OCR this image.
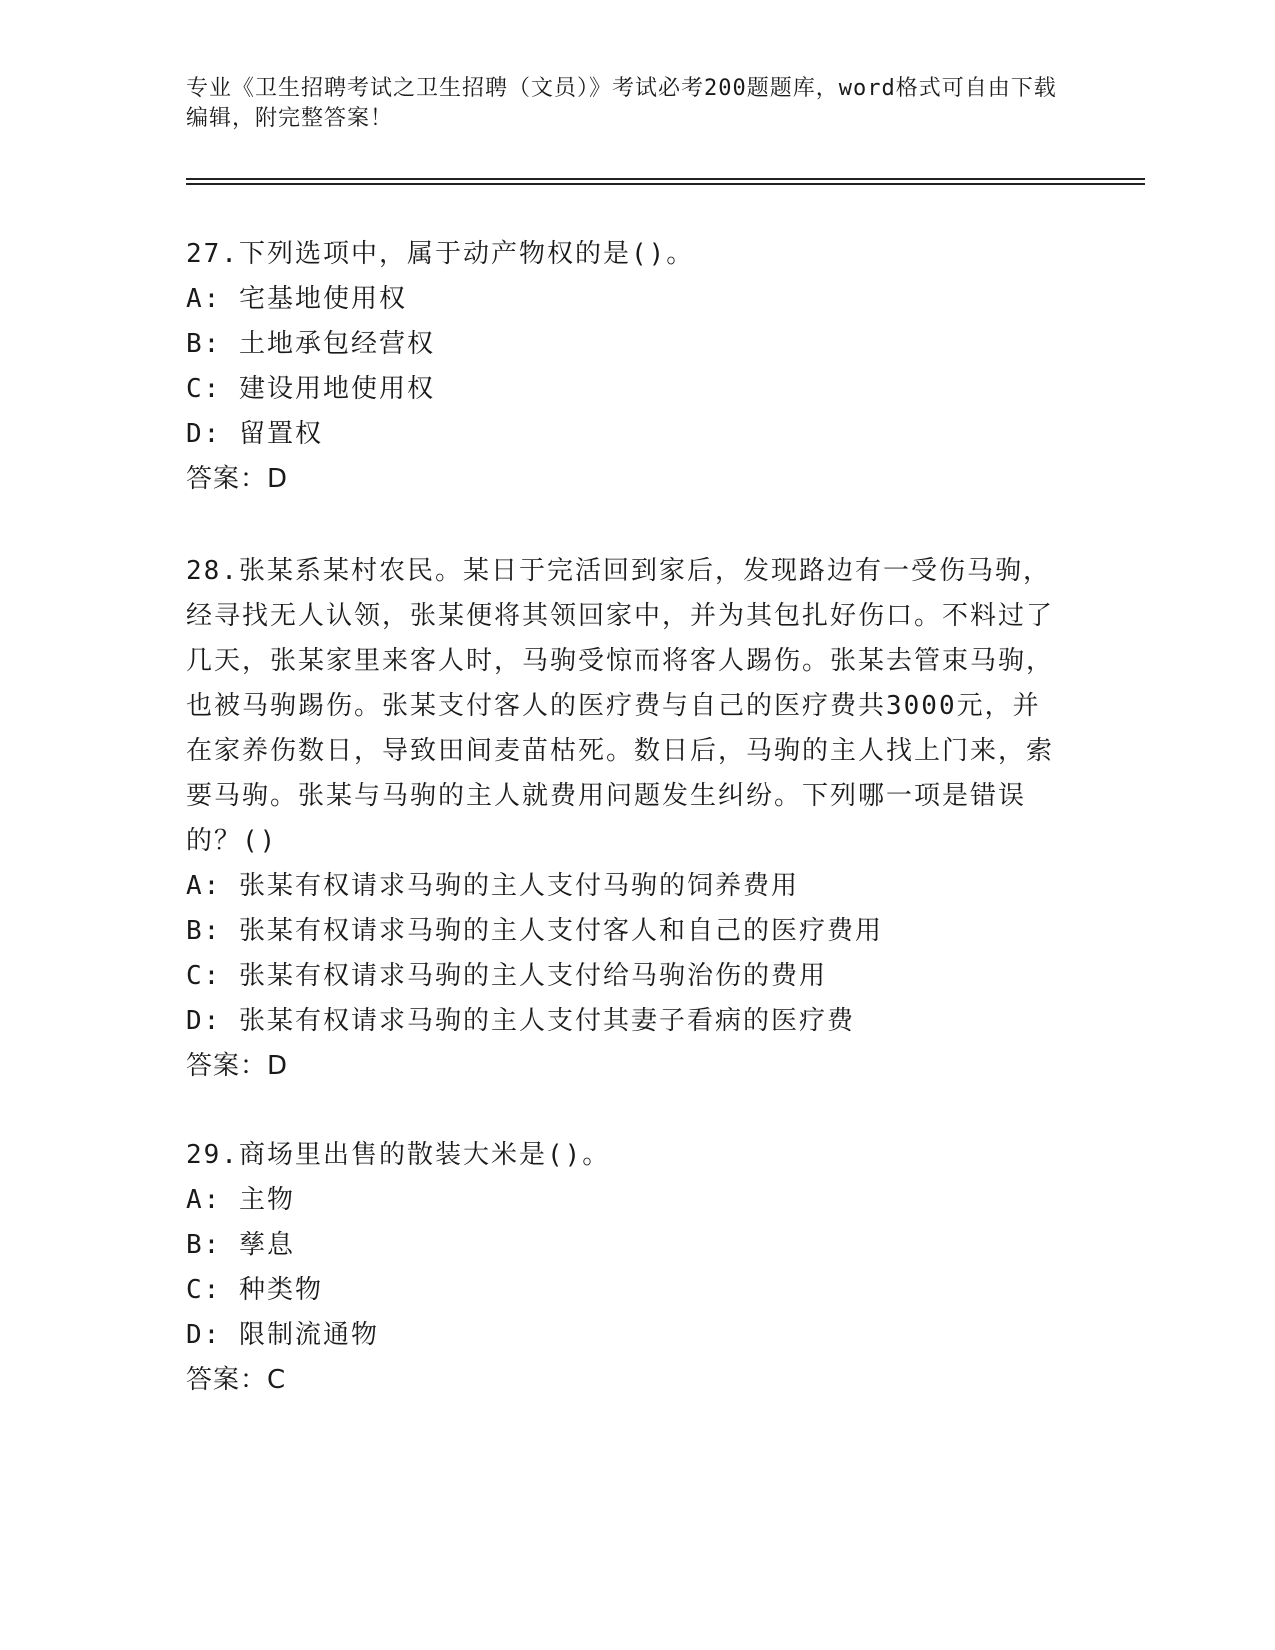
专业《卫生招聘考试之卫生招聘（文员）》考试必考200题题库，word格式可自由下载编辑，附完整答案！
27.下列选项中，属于动产物权的是()。
A: 宅基地使用权
B: 土地承包经营权
C: 建设用地使用权
D: 留置权
答案：D
28.张某系某村农民。某日于完活回到家后，发现路边有一受伤马驹，经寻找无人认领，张某便将其领回家中，并为其包扎好伤口。不料过了几天，张某家里来客人时，马驹受惊而将客人踢伤。张某去管束马驹，也被马驹踢伤。张某支付客人的医疗费与自己的医疗费共3000元，并在家养伤数日，导致田间麦苗枯死。数日后，马驹的主人找上门来，索要马驹。张某与马驹的主人就费用问题发生纠纷。下列哪一项是错误的？()
A: 张某有权请求马驹的主人支付马驹的饲养费用
B: 张某有权请求马驹的主人支付客人和自己的医疗费用
C: 张某有权请求马驹的主人支付给马驹治伤的费用
D: 张某有权请求马驹的主人支付其妻子看病的医疗费
答案：D
29.商场里出售的散装大米是()。
A: 主物
B: 孳息
C: 种类物
D: 限制流通物
答案：C
